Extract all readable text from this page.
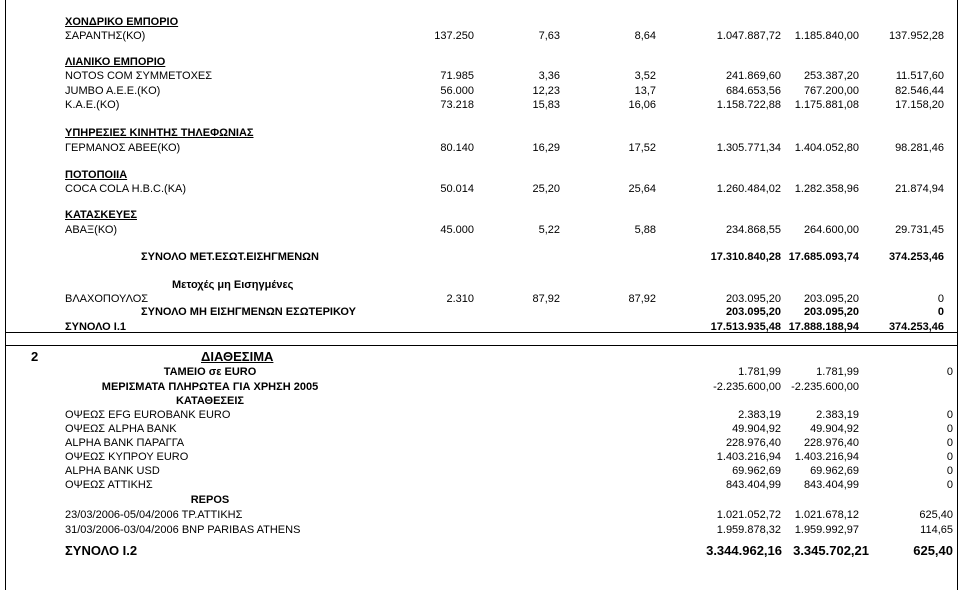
ΧΟΝΔΡΙΚΟ ΕΜΠΟΡΙΟ
ΣΑΡΑΝΤΗΣ(ΚΟ)	137.250	7,63	8,64	1.047.887,72 1.185.840,00	137.952,28
ΛΙΑΝΙΚΟ ΕΜΠΟΡΙΟ
NOTOS COM ΣΥΜΜΕΤΟΧΕΣ	71.985	3,36	3,52	241.869,60 253.387,20	11.517,60
JUMBO A.E.E.(KO)	56.000	12,23	13,7	684.653,56 767.200,00	82.546,44
K.A.E.(KO)	73.218	15,83	16,06	1.158.722,88 1.175.881,08	17.158,20
ΥΠΗΡΕΣΙΕΣ ΚΙΝΗΤΗΣ ΤΗΛΕΦΩΝΙΑΣ
ΓΕΡΜΑΝΟΣ ΑΒΕΕ(ΚΟ)	80.140	16,29	17,52	1.305.771,34 1.404.052,80	98.281,46
ΠΟΤΟΠΟΙΙΑ
COCA COLA H.B.C.(KA)	50.014	25,20	25,64	1.260.484,02 1.282.358,96	21.874,94
ΚΑΤΑΣΚΕΥΕΣ
ΑΒΑΞ(ΚΟ)	45.000	5,22	5,88	234.868,55 264.600,00	29.731,45
ΣΥΝΟΛΟ ΜΕΤ.ΕΣΩΤ.ΕΙΣΗΓΜΕΝΩΝ	17.310.840,28 17.685.093,74	374.253,46
Μετοχές μη Εισηγμένες
ΒΛΑΧΟΠΟΥΛΟΣ	2.310	87,92	87,92	203.095,20 203.095,20	0
ΣΥΝΟΛΟ ΜΗ ΕΙΣΗΓΜΕΝΩΝ ΕΣΩΤΕΡΙΚΟΥ	203.095,20 203.095,20	0
ΣΥΝΟΛΟ Ι.1	17.513.935,48 17.888.188,94	374.253,46
2	ΔΙΑΘΕΣΙΜΑ
ΤΑΜΕΙΟ σε EURO	1.781,99	1.781,99	0
ΜΕΡΙΣΜΑΤΑ ΠΛΗΡΩΤΕΑ ΓΙΑ ΧΡΗΣΗ 2005	-2.235.600,00 -2.235.600,00
ΚΑΤΑΘΕΣΕΙΣ
ΟΨΕΩΣ EFG EUROBANK EURO	2.383,19	2.383,19	0
ΟΨΕΩΣ ALPHA BANK	49.904,92	49.904,92	0
ALPHA BANK ΠΑΡΑΓΓΑ	228.976,40 228.976,40	0
ΟΨΕΩΣ ΚΥΠΡΟΥ EURO	1.403.216,94 1.403.216,94	0
ALPHA BANK USD	69.962,69	69.962,69	0
ΟΨΕΩΣ ΑΤΤΙΚΗΣ	843.404,99 843.404,99	0
REPOS
23/03/2006-05/04/2006 TP.ATTIKHΣ	1.021.052,72 1.021.678,12	625,40
31/03/2006-03/04/2006 BNP PARIBAS ATHENS	1.959.878,32 1.959.992,97	114,65
ΣΥΝΟΛΟ Ι.2	3.344.962,16 3.345.702,21	625,40
